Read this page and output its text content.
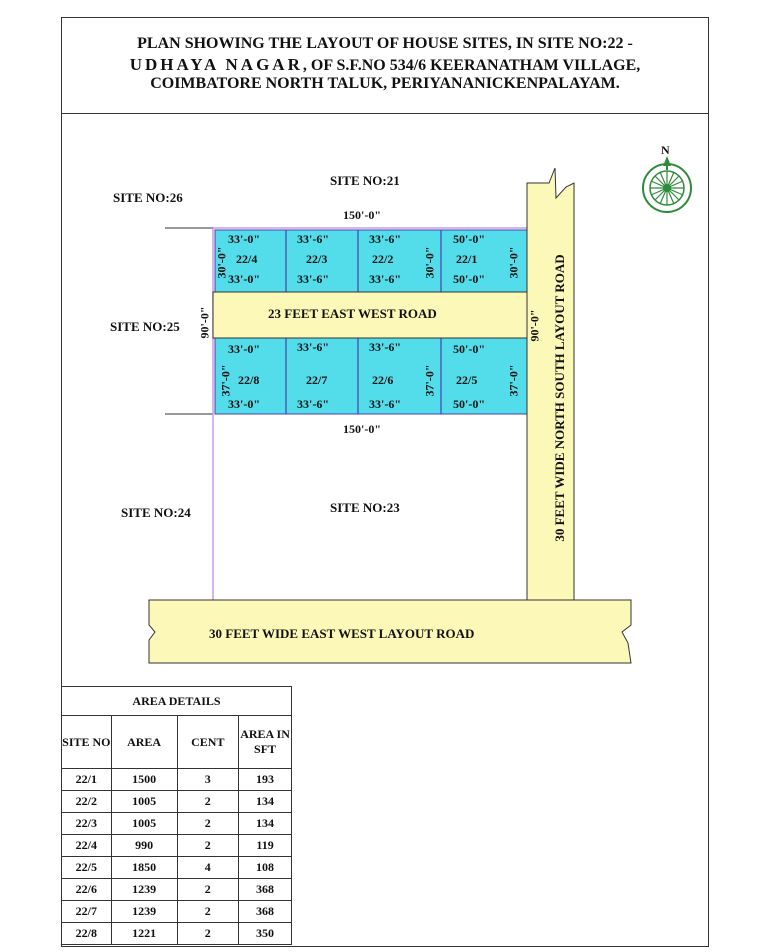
PLAN SHOWING THE LAYOUT OF HOUSE SITES, IN SITE NO:22 -
UDHAYA NAGAR, OF S.F.NO 534/6 KEERANATHAM VILLAGE,
COIMBATORE NORTH TALUK, PERIYANANICKENPALAYAM.
N
SITE NO:21
SITE NO:26
SITE NO:25
SITE NO:24	SITE NO:23
23 FEET EAST WEST ROAD
30 FEET WIDE EAST WEST LAYOUT ROAD
30 FEET WIDE NORTH SOUTH LAYOUT ROAD
150'-0"
150'-0"
90'-0"	90'-0"
33'-0"	33'-6"	33'-6"	50'-0"
22/4	22/3	22/2	22/1
33'-0"	33'-6"	33'-6"	50'-0"
30'-0"	30'-0"	30'-0"
33'-0"	33'-6"	33'-6"	50'-0"
22/8	22/7	22/6	22/5
33'-0"	33'-6"	33'-6"	50'-0"
37'-0"	37'-0"	37'-0"
AREA DETAILS			
SITE NO	AREA	CENT	AREA IN SFT
22/1	1500	3	193
22/2	1005	2	134
22/3	1005	2	134
22/4	990	2	119
22/5	1850	4	108
22/6	1239	2	368
22/7	1239	2	368
22/8	1221	2	350
